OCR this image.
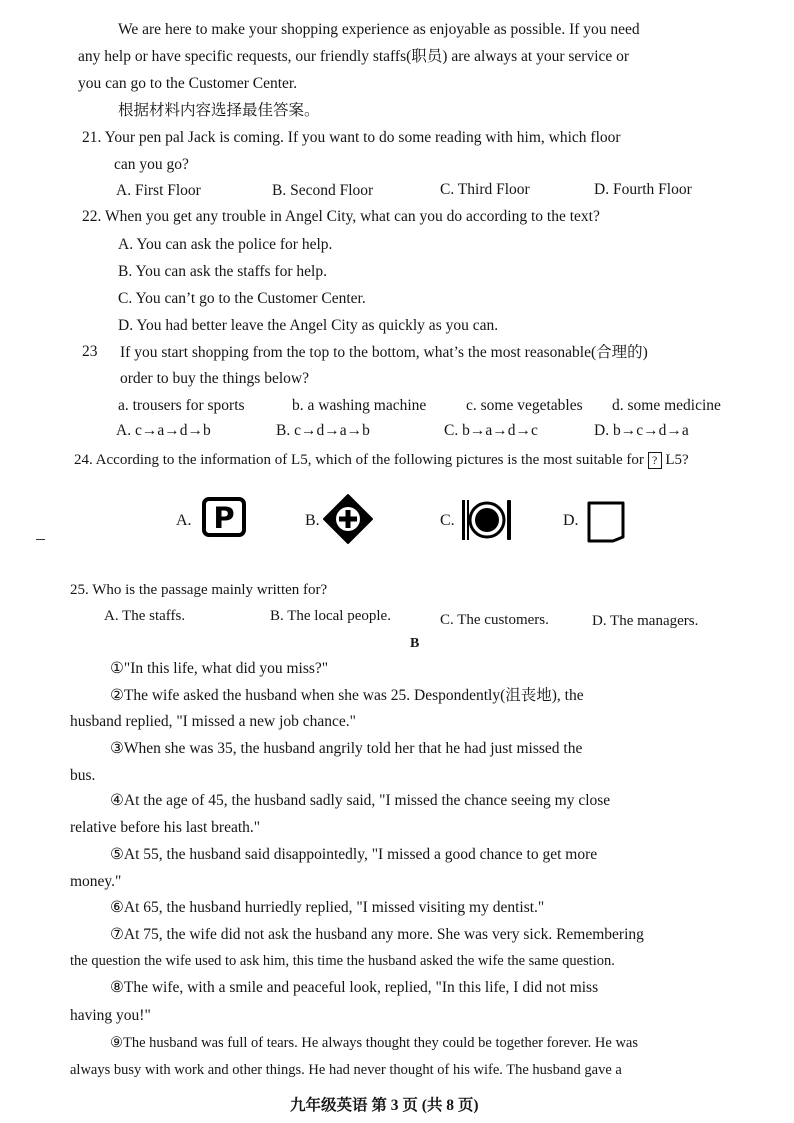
We are here to make your shopping experience as enjoyable as possible. If you need
any help or have specific requests, our friendly staffs(职员) are always at your service or
you can go to the Customer Center.
根据材料内容选择最佳答案。
21. Your pen pal Jack is coming. If you want to do some reading with him, which floor
can you go?
A. First Floor	B. Second Floor	C. Third Floor	D. Fourth Floor
22. When you get any trouble in Angel City, what can you do according to the text?
A. You can ask the police for help.
B. You can ask the staffs for help.
C. You can’t go to the Customer Center.
D. You had better leave the Angel City as quickly as you can.
23 If you start shopping from the top to the bottom, what’s the most reasonable(合理的)
order to buy the things below?
a. trousers for sports	b. a washing machine	c. some vegetables d. some medicine
A. c→a→d→b	B. c→d→a→b	C. b→a→d→c	D. b→c→d→a
24. According to the information of L5, which of the following pictures is the most suitable for ? L5?
A. P	B.	C.	D.
25. Who is the passage mainly written for?
A. The staffs.	B. The local people.	C. The customers.	D. The managers.
B
①"In this life, what did you miss?"
②The wife asked the husband when she was 25. Despondently(沮丧地), the
husband replied, "I missed a new job chance."
③When she was 35, the husband angrily told her that he had just missed the
bus.
④At the age of 45, the husband sadly said, "I missed the chance seeing my close
relative before his last breath."
⑤At 55, the husband said disappointedly, "I missed a good chance to get more
money."
⑥At 65, the husband hurriedly replied, "I missed visiting my dentist."
⑦At 75, the wife did not ask the husband any more. She was very sick. Remembering
the question the wife used to ask him, this time the husband asked the wife the same question.
⑧The wife, with a smile and peaceful look, replied, "In this life, I did not miss
having you!"
⑨The husband was full of tears. He always thought they could be together forever. He was
always busy with work and other things. He had never thought of his wife. The husband gave a
九年级英语 第 3 页 (共 8 页)
